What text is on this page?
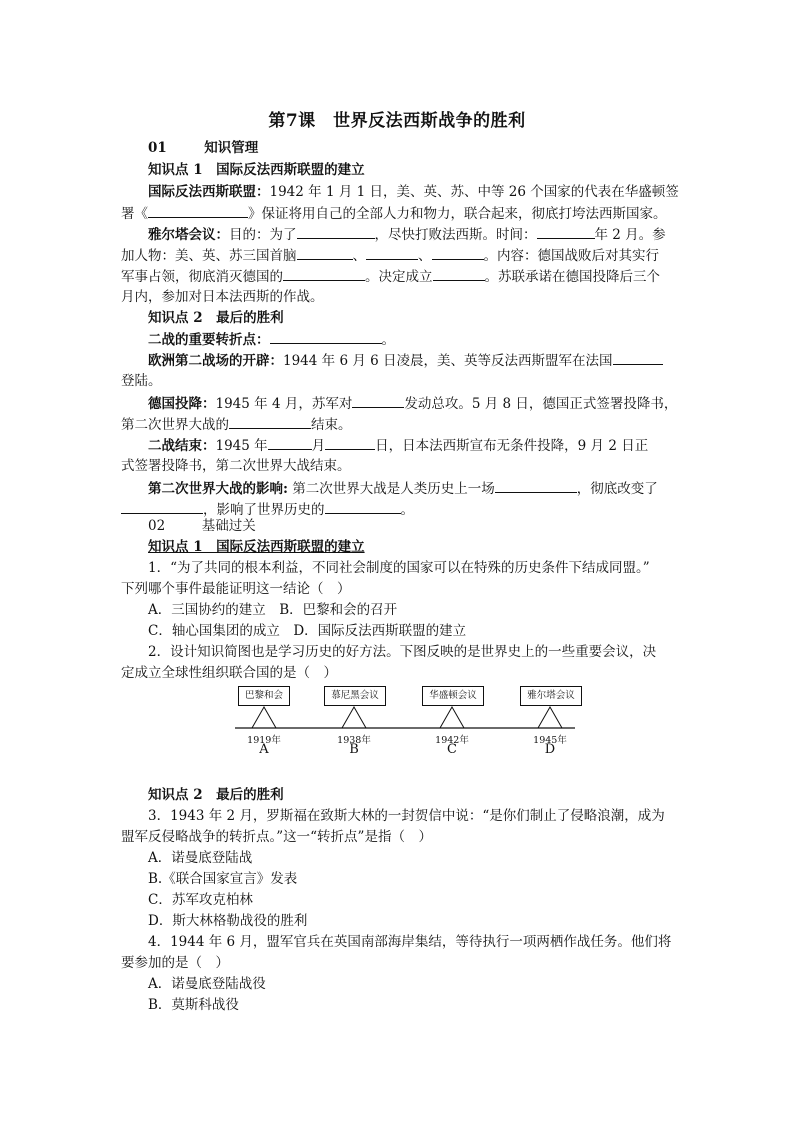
第7课　世界反法西斯战争的胜利
01	知识管理
知识点 1　国际反法西斯联盟的建立
国际反法西斯联盟：1942 年 1 月 1 日，美、英、苏、中等 26 个国家的代表在华盛顿签
署《	》保证将用自己的全部人力和物力，联合起来，彻底打垮法西斯国家。
雅尔塔会议：目的：为了	，尽快打败法西斯。时间：	年 2 月。参
加人物：美、英、苏三国首脑	、	、	。内容：德国战败后对其实行
军事占领，彻底消灭德国的	。决定成立	。苏联承诺在德国投降后三个
月内，参加对日本法西斯的作战。
知识点 2　最后的胜利
二战的重要转折点：	。
欧洲第二战场的开辟：1944 年 6 月 6 日凌晨，美、英等反法西斯盟军在法国
登陆。
德国投降：1945 年 4 月，苏军对	发动总攻。5 月 8 日，德国正式签署投降书，
第二次世界大战的	结束。
二战结束：1945 年	月	日，日本法西斯宣布无条件投降，9 月 2 日正
式签署投降书，第二次世界大战结束。
第二次世界大战的影响: 第二次世界大战是人类历史上一场	，彻底改变了
，影响了世界历史的	。
02	基础过关
知识点 1　国际反法西斯联盟的建立
1．“为了共同的根本利益，不同社会制度的国家可以在特殊的历史条件下结成同盟。”
下列哪个事件最能证明这一结论（　）
A．三国协约的建立　B．巴黎和会的召开
C．轴心国集团的成立　D．国际反法西斯联盟的建立
2．设计知识简图也是学习历史的好方法。下图反映的是世界史上的一些重要会议，决
定成立全球性组织联合国的是（　）
巴黎和会	慕尼黑会议	华盛顿会议	雅尔塔会议
1919年	1938年	1942年	1945年
A	B	C	D
知识点 2　最后的胜利
3．1943 年 2 月，罗斯福在致斯大林的一封贺信中说：“是你们制止了侵略浪潮，成为
盟军反侵略战争的转折点。”这一“转折点”是指（　）
A．诺曼底登陆战
B.《联合国家宣言》发表
C．苏军攻克柏林
D．斯大林格勒战役的胜利
4．1944 年 6 月，盟军官兵在英国南部海岸集结，等待执行一项两栖作战任务。他们将
要参加的是（　）
A．诺曼底登陆战役
B．莫斯科战役
